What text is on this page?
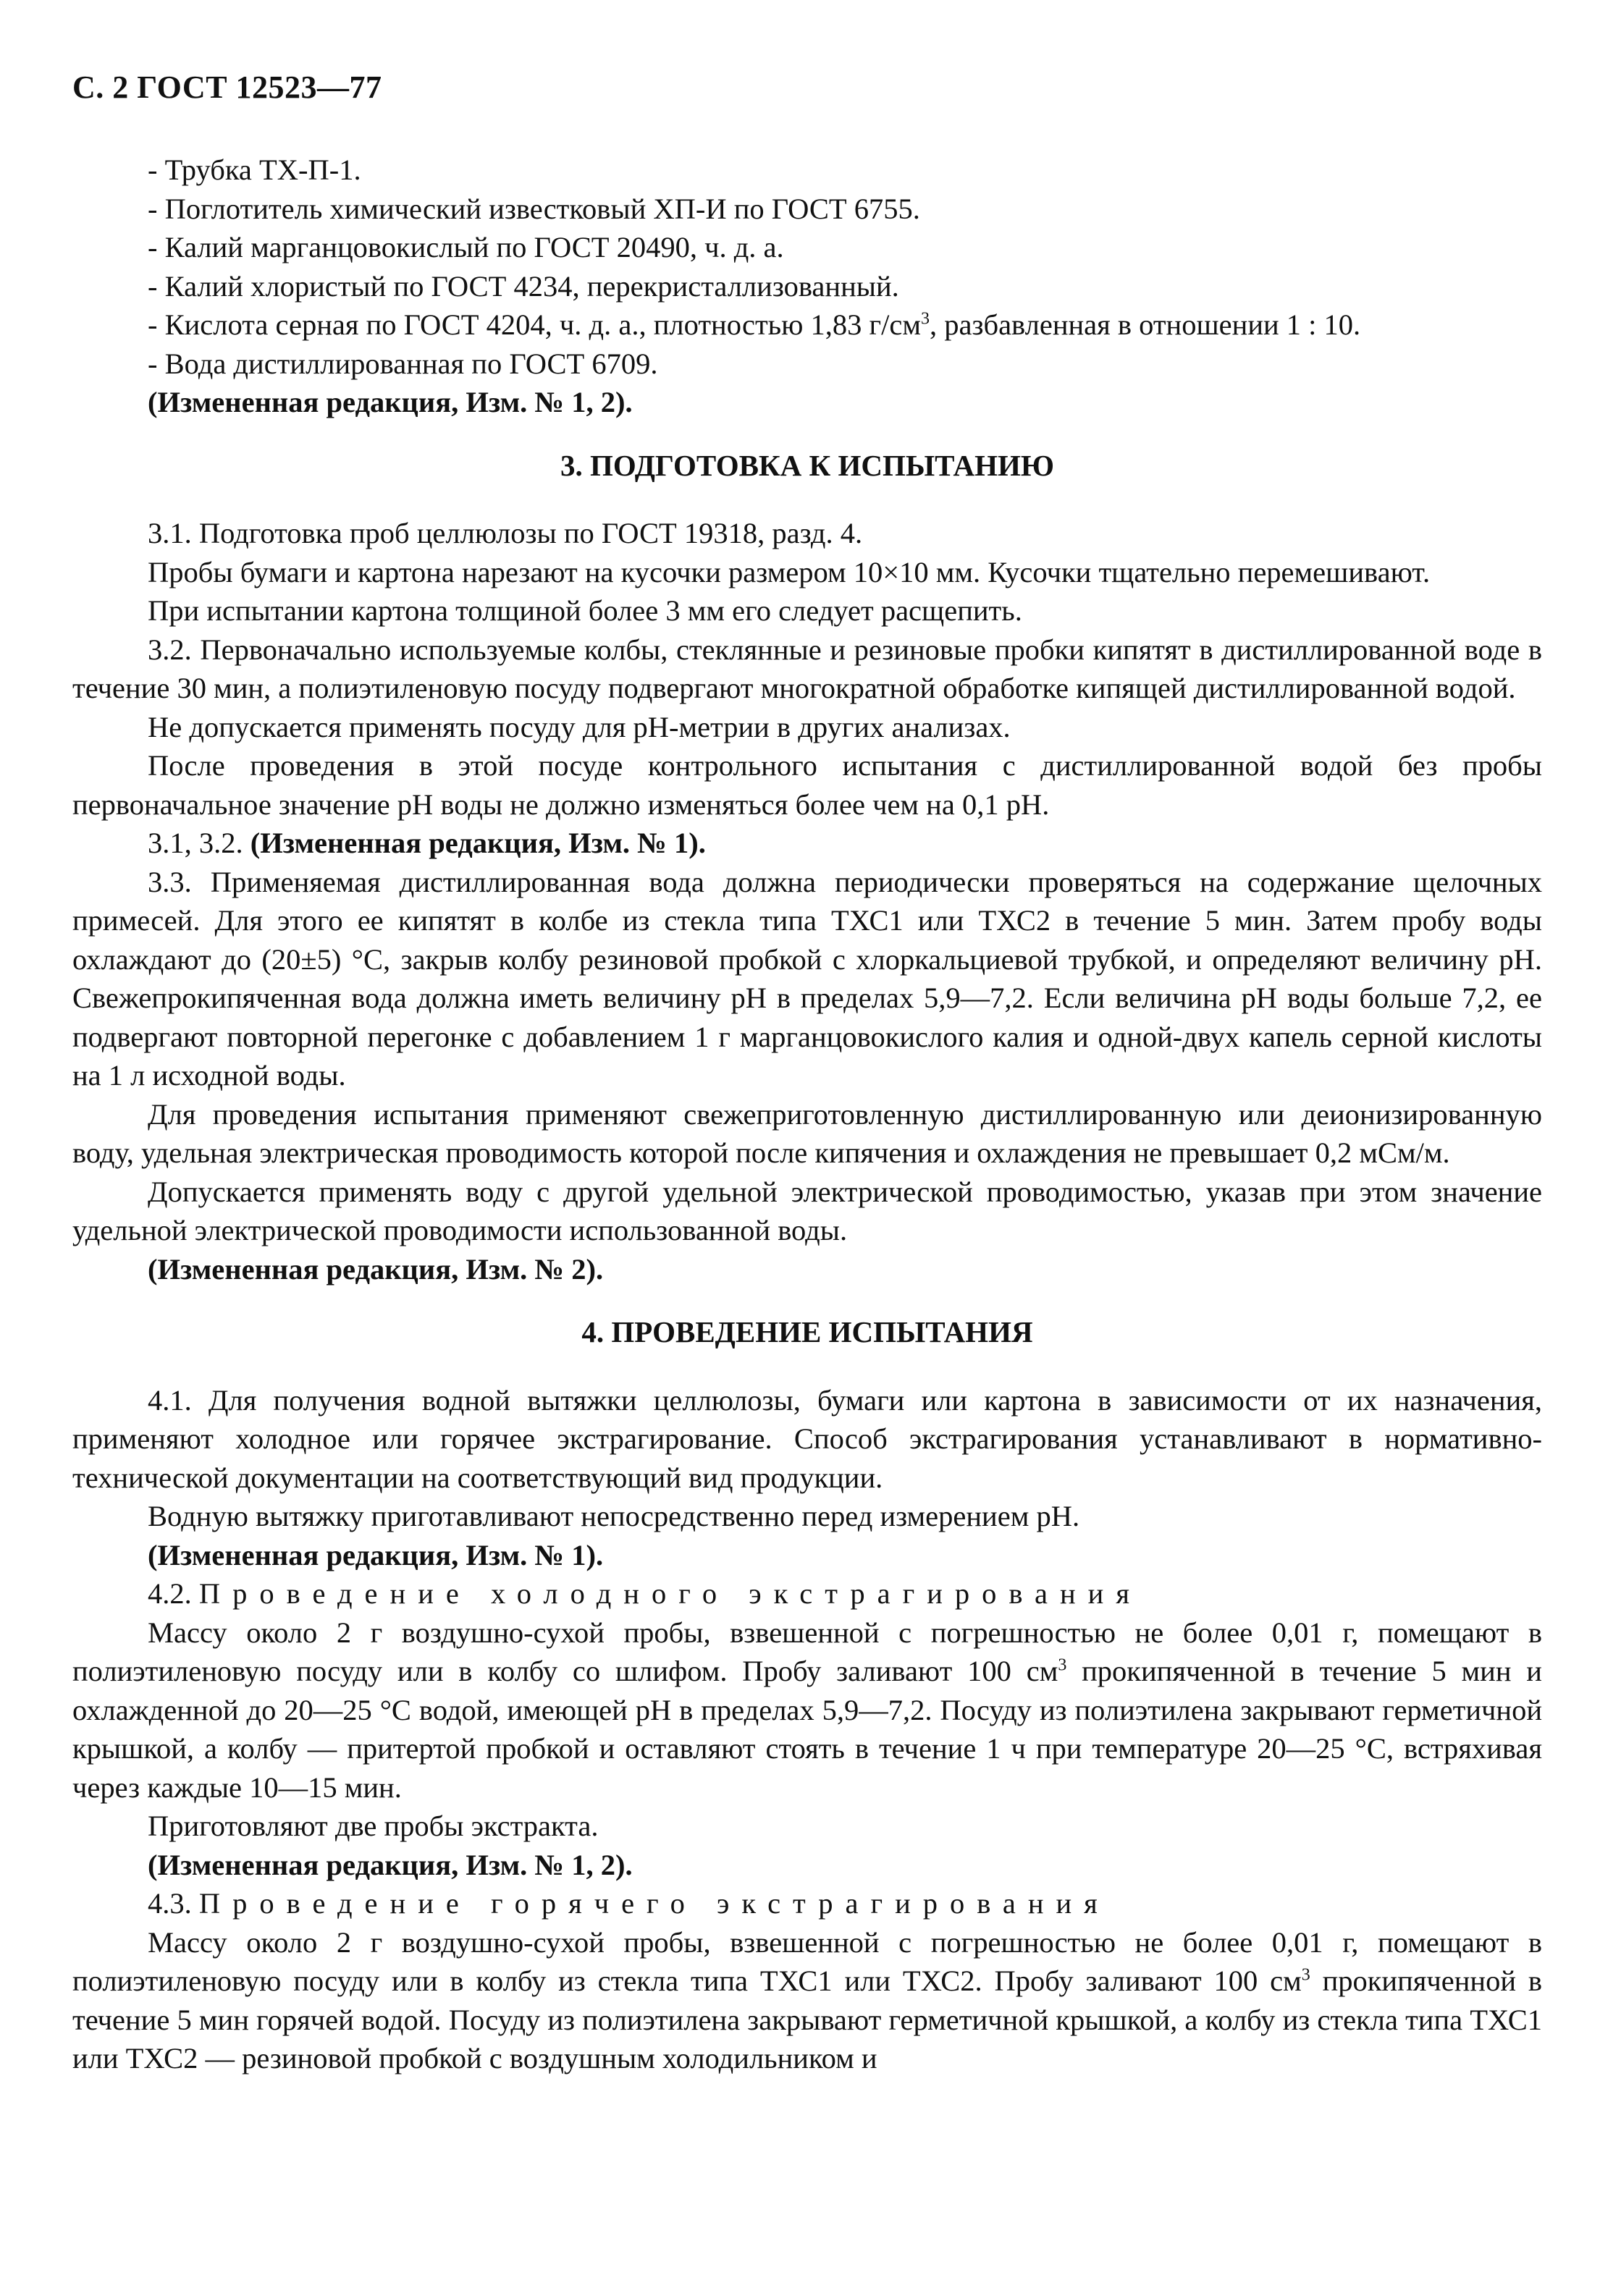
С. 2 ГОСТ 12523—77

- Трубка ТХ-П-1.

- Поглотитель химический известковый ХП-И по ГОСТ 6755.

- Калий марганцовокислый по ГОСТ 20490, ч. д. а.

- Калий хлористый по ГОСТ 4234, перекристаллизованный.

- Кислота серная по ГОСТ 4204, ч. д. а., плотностью 1,83 $г/см^3$, разбавленная в отношении 1 : 10.

- Вода дистиллированная по ГОСТ 6709.

(Измененная редакция, Изм. № 1, 2).

3. ПОДГОТОВКА К ИСПЫТАНИЮ

3.1. Подготовка проб целлюлозы по ГОСТ 19318, разд. 4.

Пробы бумаги и картона нарезают на кусочки размером 10×10 мм. Кусочки тщательно перемешивают.

При испытании картона толщиной более 3 мм его следует расщепить.

3.2. Первоначально используемые колбы, стеклянные и резиновые пробки кипятят в дистиллированной воде в течение 30 мин, а полиэтиленовую посуду подвергают многократной обработке кипящей дистиллированной водой.

Не допускается применять посуду для pH-метрии в других анализах.

После проведения в этой посуде контрольного испытания с дистиллированной водой без пробы первоначальное значение pH воды не должно изменяться более чем на 0,1 pH.

3.1, 3.2. (Измененная редакция, Изм. № 1).

3.3. Применяемая дистиллированная вода должна периодически проверяться на содержание щелочных примесей. Для этого ее кипятят в колбе из стекла типа ТХС1 или ТХС2 в течение 5 мин. Затем пробу воды охлаждают до (20±5) °С, закрыв колбу резиновой пробкой с хлоркальциевой трубкой, и определяют величину pH. Свежепрокипяченная вода должна иметь величину pH в пределах 5,9—7,2. Если величина pH воды больше 7,2, ее подвергают повторной перегонке с добавлением 1 г марганцовокислого калия и одной-двух капель серной кислоты на 1 л исходной воды.

Для проведения испытания применяют свежеприготовленную дистиллированную или деионизированную воду, удельная электрическая проводимость которой после кипячения и охлаждения не превышает 0,2 мСм/м.

Допускается применять воду с другой удельной электрической проводимостью, указав при этом значение удельной электрической проводимости использованной воды.

(Измененная редакция, Изм. № 2).

4. ПРОВЕДЕНИЕ ИСПЫТАНИЯ

4.1. Для получения водной вытяжки целлюлозы, бумаги или картона в зависимости от их назначения, применяют холодное или горячее экстрагирование. Способ экстрагирования устанавливают в нормативно-технической документации на соответствующий вид продукции.

Водную вытяжку приготавливают непосредственно перед измерением pH.

(Измененная редакция, Изм. № 1).

4.2. Проведение холодного экстрагирования

Массу около 2 г воздушно-сухой пробы, взвешенной с погрешностью не более 0,01 г, помещают в полиэтиленовую посуду или в колбу со шлифом. Пробу заливают 100 $см^3$ прокипяченной в течение 5 мин и охлажденной до 20—25 °С водой, имеющей pH в пределах 5,9—7,2. Посуду из полиэтилена закрывают герметичной крышкой, а колбу — притертой пробкой и оставляют стоять в течение 1 ч при температуре 20—25 °С, встряхивая через каждые 10—15 мин.

Приготовляют две пробы экстракта.

(Измененная редакция, Изм. № 1, 2).

4.3. Проведение горячего экстрагирования

Массу около 2 г воздушно-сухой пробы, взвешенной с погрешностью не более 0,01 г, помещают в полиэтиленовую посуду или в колбу из стекла типа ТХС1 или ТХС2. Пробу заливают 100 $см^3$ прокипяченной в течение 5 мин горячей водой. Посуду из полиэтилена закрывают герметичной крышкой, а колбу из стекла типа ТХС1 или ТХС2 — резиновой пробкой с воздушным холодильником и
